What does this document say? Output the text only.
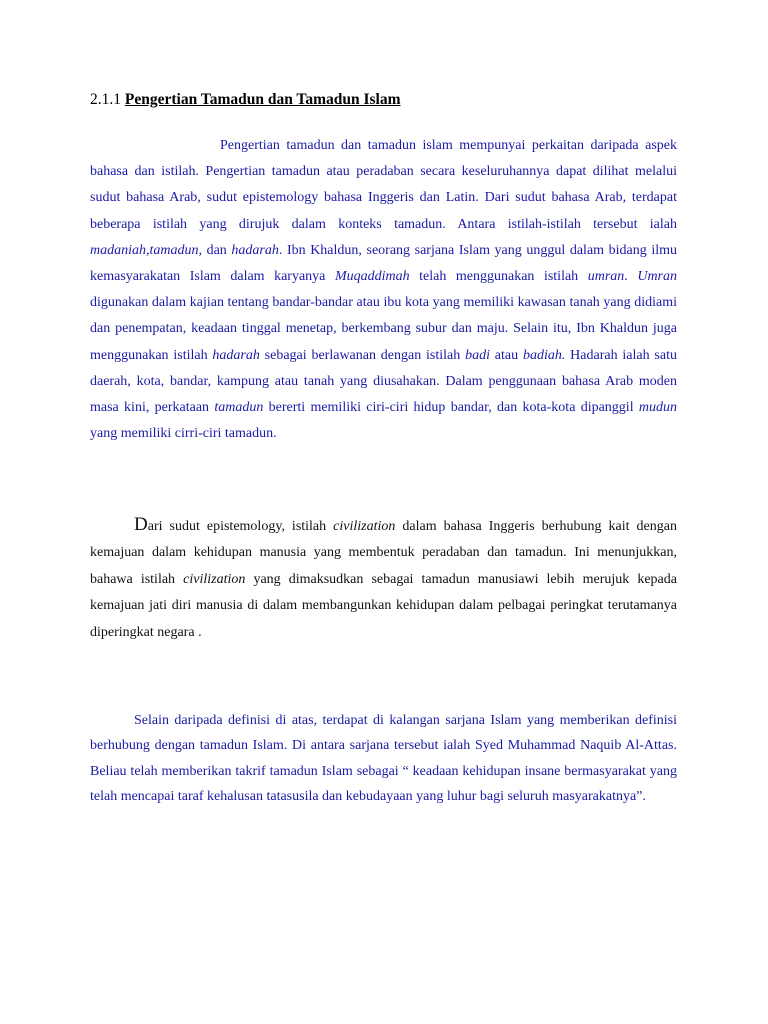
2.1.1 Pengertian Tamadun dan Tamadun Islam

Pengertian tamadun dan tamadun islam mempunyai perkaitan daripada aspek bahasa dan istilah. Pengertian tamadun atau peradaban secara keseluruhannya dapat dilihat melalui sudut bahasa Arab, sudut epistemology bahasa Inggeris dan Latin. Dari sudut bahasa Arab, terdapat beberapa istilah yang dirujuk dalam konteks tamadun. Antara istilah-istilah tersebut ialah madaniah,tamadun, dan hadarah. Ibn Khaldun, seorang sarjana Islam yang unggul dalam bidang ilmu kemasyarakatan Islam dalam karyanya Muqaddimah telah menggunakan istilah umran. Umran digunakan dalam kajian tentang bandar-bandar atau ibu kota yang memiliki kawasan tanah yang didiami dan penempatan, keadaan tinggal menetap, berkembang subur dan maju. Selain itu, Ibn Khaldun juga menggunakan istilah hadarah sebagai berlawanan dengan istilah badi atau badiah. Hadarah ialah satu daerah, kota, bandar, kampung atau tanah yang diusahakan. Dalam penggunaan bahasa Arab moden masa kini, perkataan tamadun bererti memiliki ciri-ciri hidup bandar, dan kota-kota dipanggil mudun yang memiliki cirri-ciri tamadun.

Dari sudut epistemology, istilah civilization dalam bahasa Inggeris berhubung kait dengan kemajuan dalam kehidupan manusia yang membentuk peradaban dan tamadun. Ini menunjukkan, bahawa istilah civilization yang dimaksudkan sebagai tamadun manusiawi lebih merujuk kepada kemajuan jati diri manusia di dalam membangunkan kehidupan dalam pelbagai peringkat terutamanya diperingkat negara .

Selain daripada definisi di atas, terdapat di kalangan sarjana Islam yang memberikan definisi berhubung dengan tamadun Islam. Di antara sarjana tersebut ialah Syed Muhammad Naquib Al-Attas. Beliau telah memberikan takrif tamadun Islam sebagai “ keadaan kehidupan insane bermasyarakat yang telah mencapai taraf kehalusan tatasusila dan kebudayaan yang luhur bagi seluruh masyarakatnya”.
